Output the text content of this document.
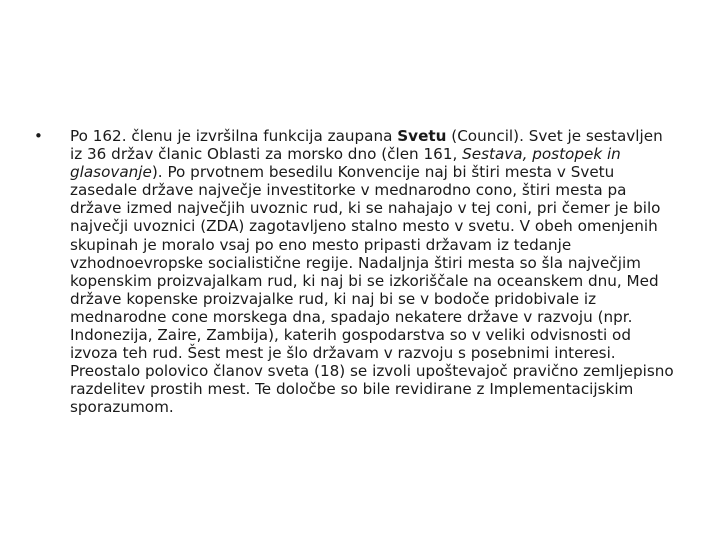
•	Po 162. členu je izvršilna funkcija zaupana Svetu (Council). Svet je sestavljen iz 36 držav članic Oblasti za morsko dno (člen 161, Sestava, postopek in glasovanje). Po prvotnem besedilu Konvencije naj bi štiri mesta v Svetu zasedale države največje investitorke v mednarodno cono, štiri mesta pa države izmed največjih uvoznic rud, ki se nahajajo v tej coni, pri čemer je bilo največji uvoznici (ZDA) zagotavljeno stalno mesto v svetu. V obeh omenjenih skupinah je moralo vsaj po eno mesto pripasti državam iz tedanje vzhodnoevropske socialistične regije. Nadaljnja štiri mesta so šla največjim kopenskim proizvajalkam rud, ki naj bi se izkoriščale na oceanskem dnu, Med države kopenske proizvajalke rud, ki naj bi se v bodoče pridobivale iz mednarodne cone morskega dna, spadajo nekatere države v razvoju (npr. Indonezija, Zaire, Zambija), katerih gospodarstva so v veliki odvisnosti od izvoza teh rud. Šest mest je šlo državam v razvoju s posebnimi interesi. Preostalo polovico članov sveta (18) se izvoli upoštevajoč pravično zemljepisno razdelitev prostih mest. Te določbe so bile revidirane z Implementacijskim sporazumom.
